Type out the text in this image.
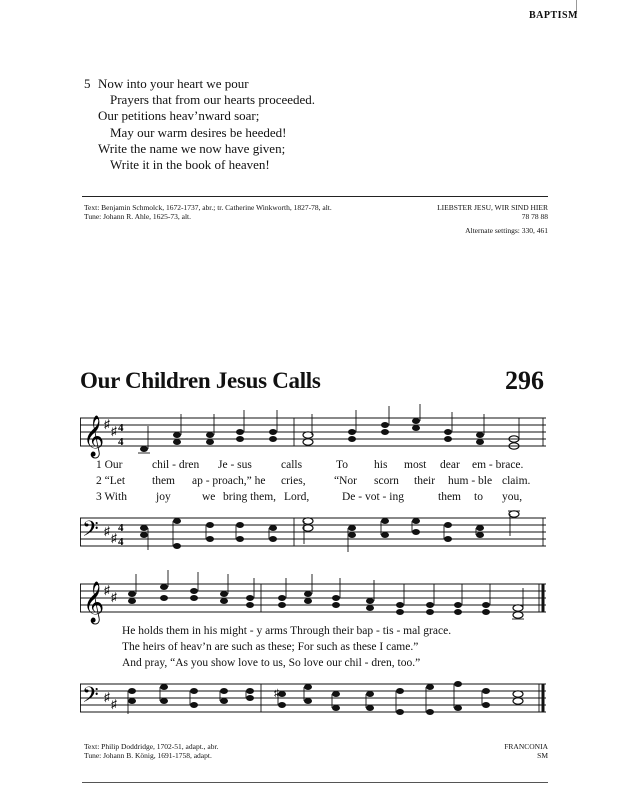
BAPTISM
5 Now into your heart we pour
Prayers that from our hearts proceeded.
Our petitions heav’nward soar;
May our warm desires be heeded!
Write the name we now have given;
Write it in the book of heaven!
Text: Benjamin Schmolck, 1672-1737, abr.; tr. Catherine Winkworth, 1827-78, alt.
Tune: Johann R. Ahle, 1625-73, alt.
LIEBSTER JESU, WIR SIND HIER
78 78 88
Alternate settings: 330, 461
Our Children Jesus Calls	296
𝄞 ♯ ♯ 4
4
1 Our	chil - dren Je - sus	calls	To his most dear em - brace.
2 “Let them ap - proach,” he cries, “Nor scorn their hum - ble claim.
3 With	joy	we bring them, Lord,	De - vot - ing	them to you,
𝄢 ♯ ♯
4
4
𝄞 ♯ ♯
He holds them in his might - y arms Through their bap - tis - mal grace.
The heirs of heav’n are such as these; For such as these I came.”
And pray, “As you show love to us, So love our chil - dren, too.”
𝄢 ♯ ♯
♯
Text: Philip Doddridge, 1702-51, adapt., abr.
Tune: Johann B. König, 1691-1758, adapt.
FRANCONIA
SM
